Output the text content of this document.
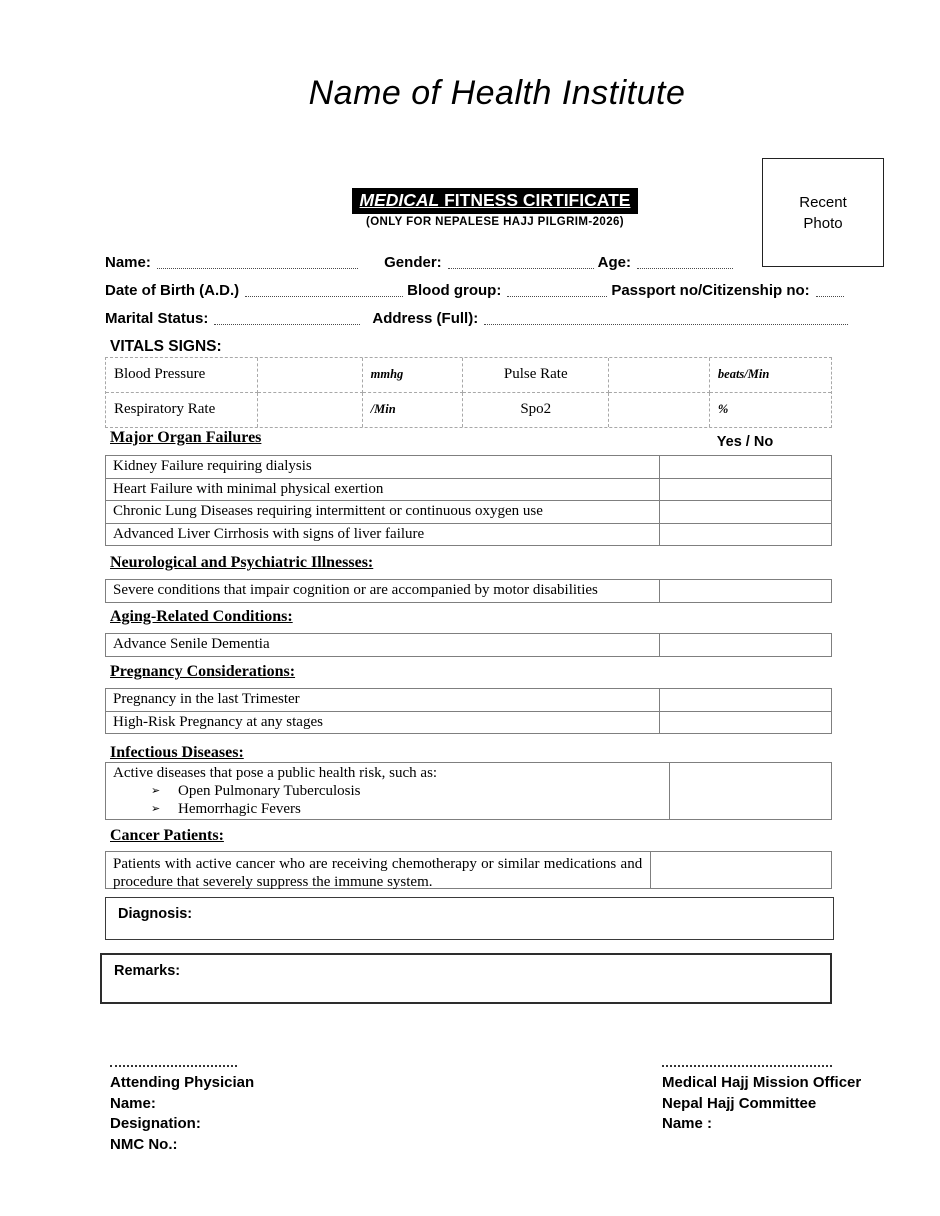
Name of Health Institute
Recent
Photo
MEDICAL FITNESS CIRTIFICATE
(ONLY FOR NEPALESE HAJJ PILGRIM-2026)
Name:	Gender:	Age:
Date of Birth (A.D.)	Blood group:	Passport no/Citizenship no:
Marital Status:	Address (Full):
VITALS SIGNS:
Blood Pressure	mmhg	Pulse Rate	beats/Min
Respiratory Rate	/Min	Spo2	%
Major Organ Failures	Yes / No
Kidney Failure requiring dialysis
Heart Failure with minimal physical exertion
Chronic Lung Diseases requiring intermittent or continuous oxygen use
Advanced Liver Cirrhosis with signs of liver failure
Neurological and Psychiatric Illnesses:
Severe conditions that impair cognition or are accompanied by motor disabilities
Aging-Related Conditions:
Advance Senile Dementia
Pregnancy Considerations:
Pregnancy in the last Trimester
High-Risk Pregnancy at any stages
Infectious Diseases:
Active diseases that pose a public health risk, such as:
➢	Open Pulmonary Tuberculosis
➢	Hemorrhagic Fevers
Cancer Patients:
Patients with active cancer who are receiving chemotherapy or similar medications and procedure that severely suppress the immune system.
Diagnosis:
Remarks:
Attending Physician
Name:
Designation:
NMC No.:
Medical Hajj Mission Officer
Nepal Hajj Committee
Name :
